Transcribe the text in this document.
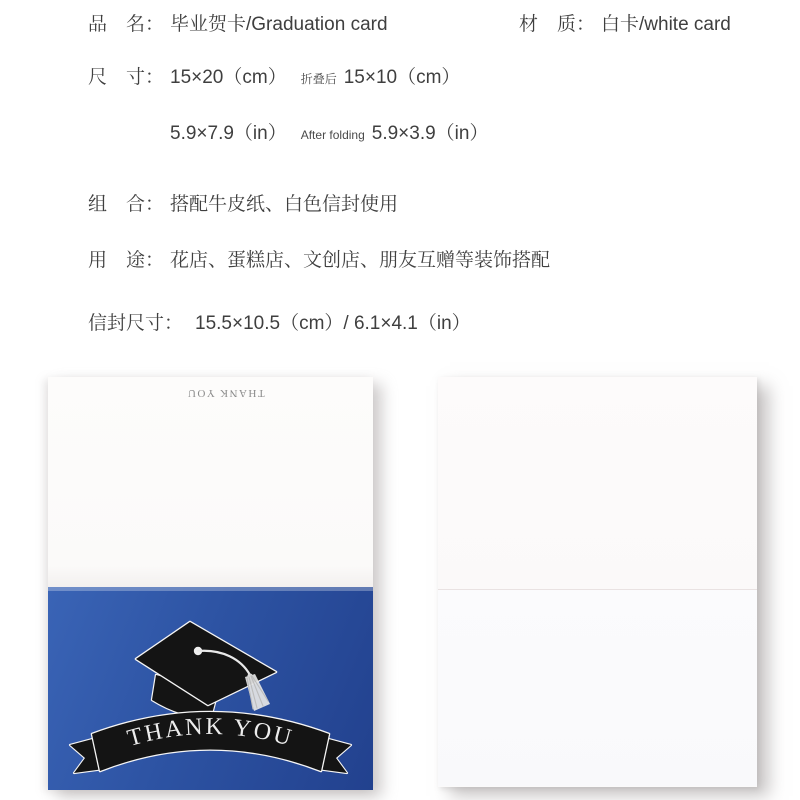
品　名： 毕业贺卡/Graduation card	材　质： 白卡/white card
尺　寸： 15×20（cm） 折叠后 15×10（cm）
5.9×7.9（in） After folding 5.9×3.9（in）
组　合： 搭配牛皮纸、白色信封使用
用　途： 花店、蛋糕店、文创店、朋友互赠等装饰搭配
信封尺寸： 15.5×10.5（cm）/ 6.1×4.1（in）
THANK YOU
THANK YOU
